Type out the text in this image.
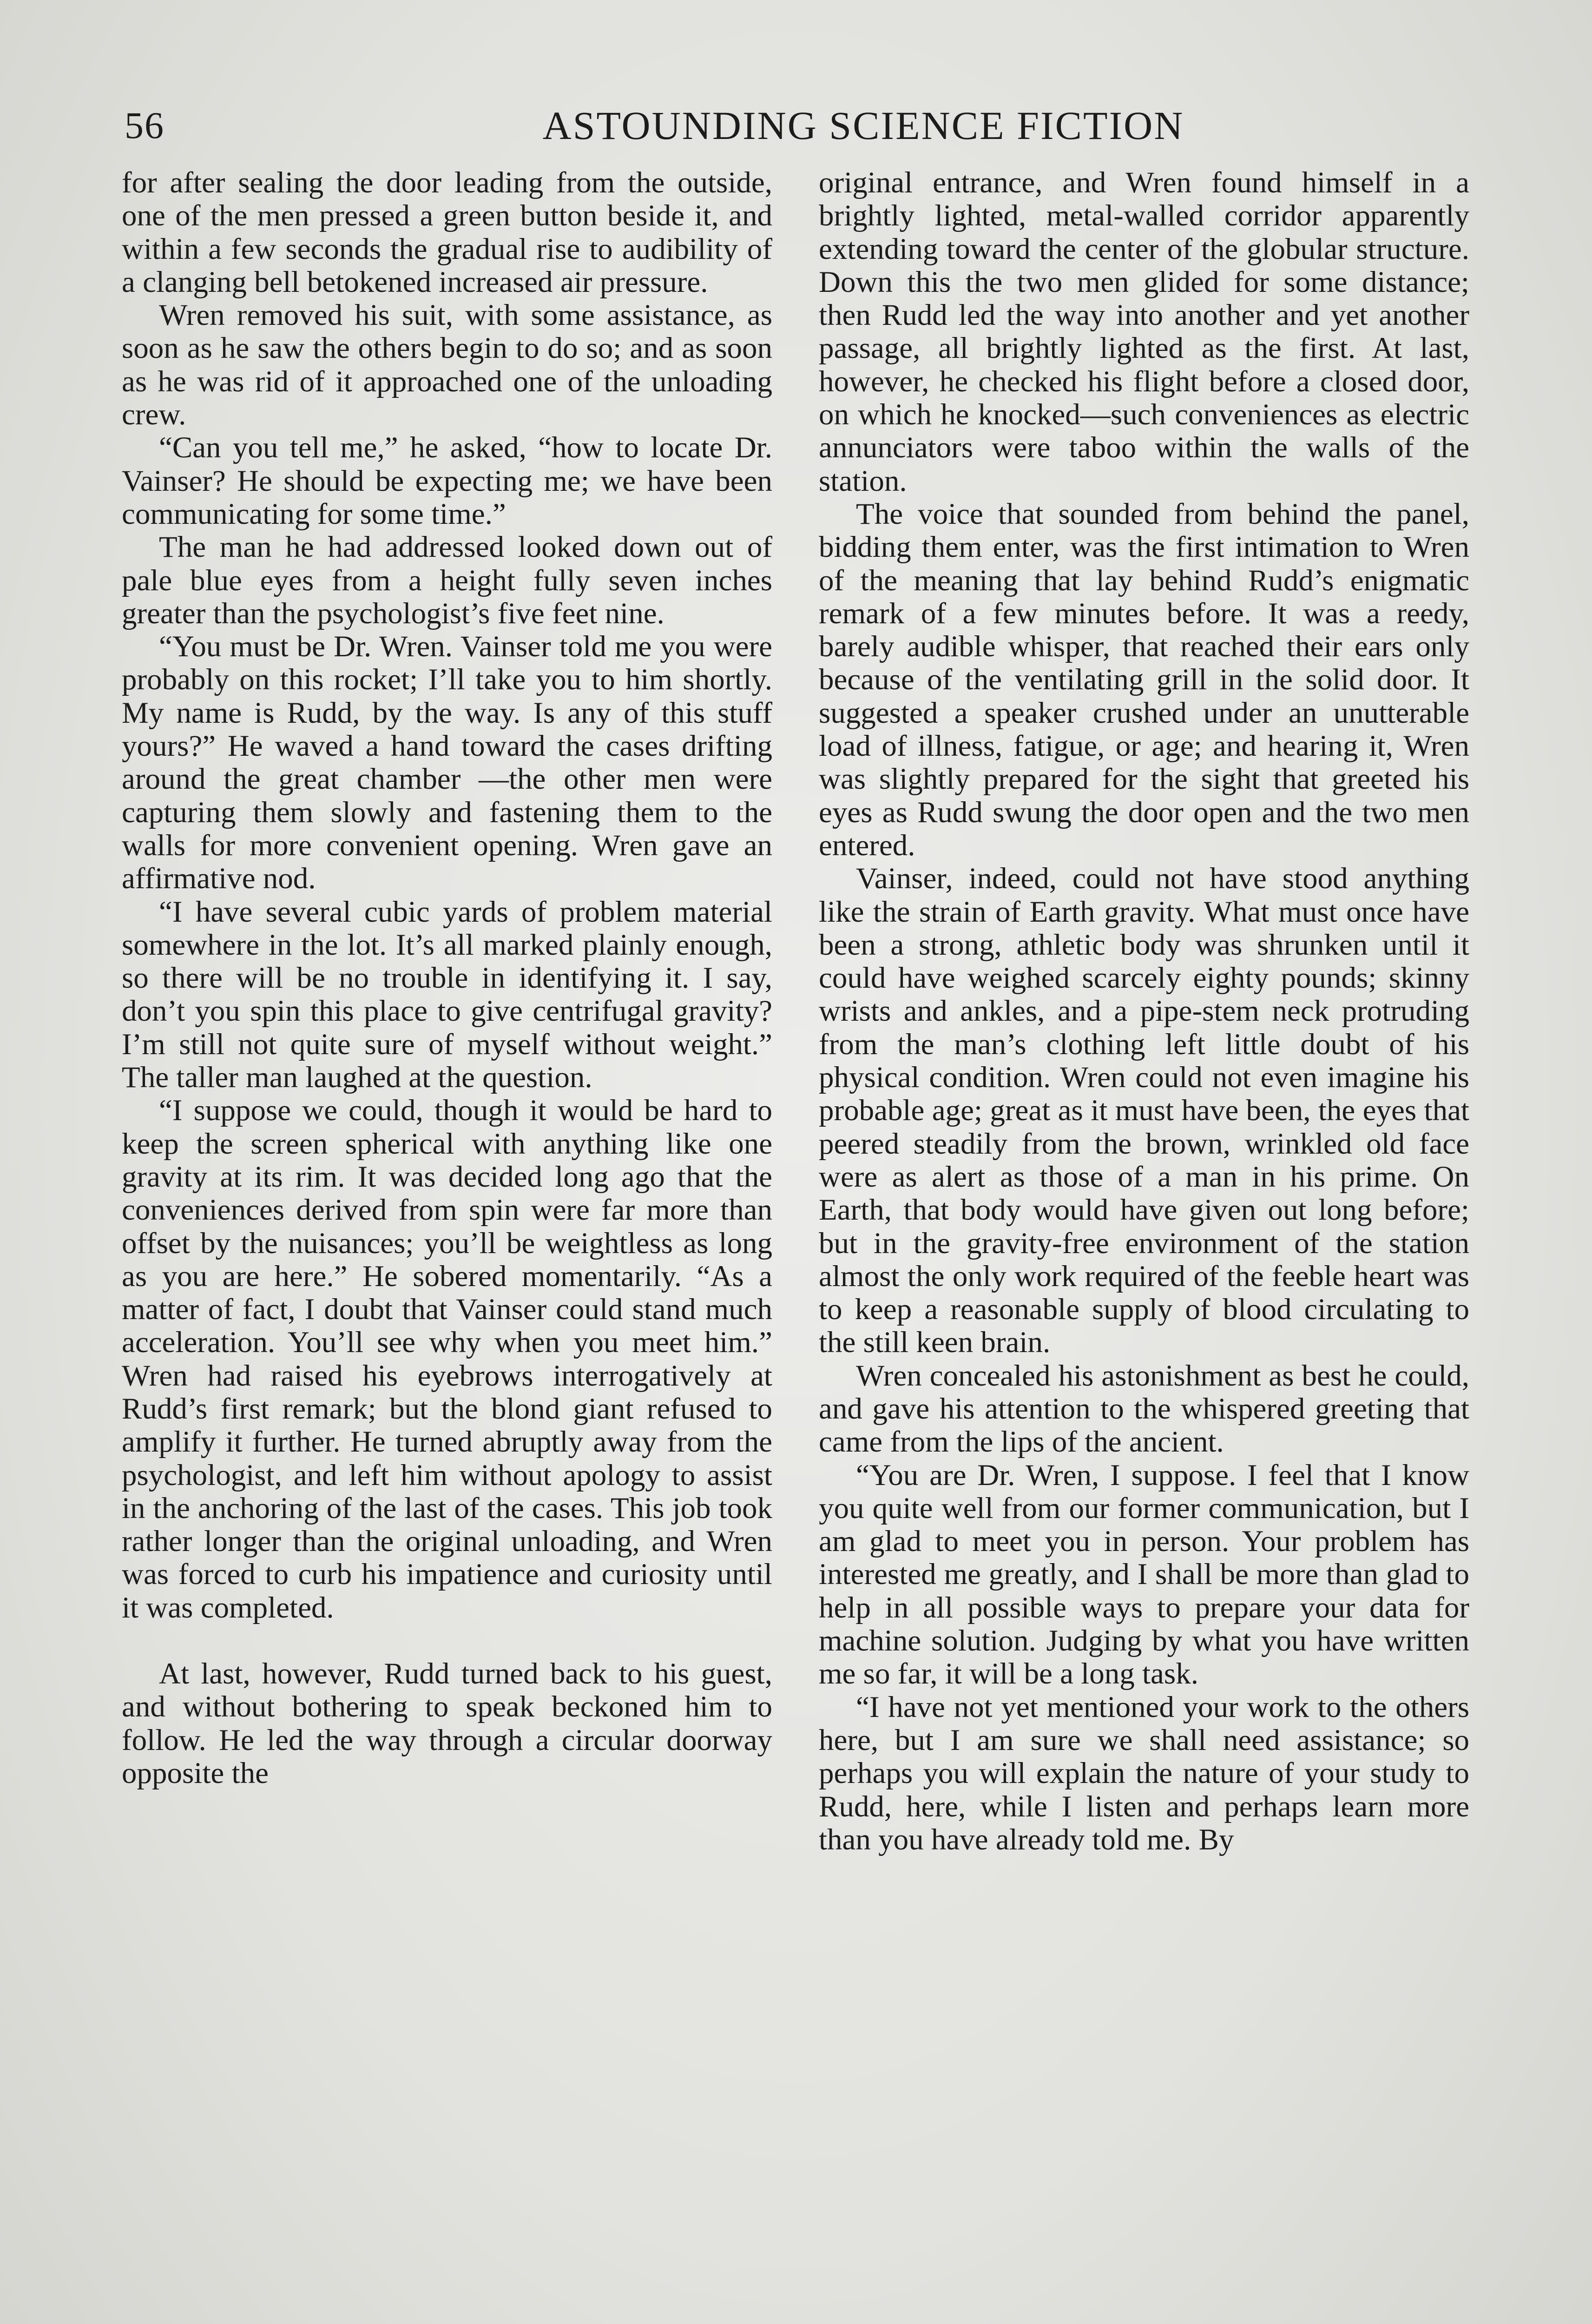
56	ASTOUNDING SCIENCE FICTION

for after sealing the door leading from the outside, one of the men pressed a green button beside it, and within a few seconds the gradual rise to audibility of a clanging bell betokened increased air pressure.

Wren removed his suit, with some assistance, as soon as he saw the others begin to do so; and as soon as he was rid of it approached one of the unloading crew.

“Can you tell me,” he asked, “how to locate Dr. Vainser? He should be expecting me; we have been communicating for some time.”

The man he had addressed looked down out of pale blue eyes from a height fully seven inches greater than the psychologist’s five feet nine.

“You must be Dr. Wren. Vainser told me you were probably on this rocket; I’ll take you to him shortly. My name is Rudd, by the way. Is any of this stuff yours?” He waved a hand toward the cases drifting around the great chamber —the other men were capturing them slowly and fastening them to the walls for more convenient opening. Wren gave an affirmative nod.

“I have several cubic yards of problem material somewhere in the lot. It’s all marked plainly enough, so there will be no trouble in identifying it. I say, don’t you spin this place to give centrifugal gravity? I’m still not quite sure of myself without weight.” The taller man laughed at the question.

“I suppose we could, though it would be hard to keep the screen spherical with anything like one gravity at its rim. It was decided long ago that the conveniences derived from spin were far more than offset by the nuisances; you’ll be weightless as long as you are here.” He sobered momentarily. “As a matter of fact, I doubt that Vainser could stand much acceleration. You’ll see why when you meet him.” Wren had raised his eyebrows interrogatively at Rudd’s first remark; but the blond giant refused to amplify it further. He turned abruptly away from the psychologist, and left him without apology to assist in the anchoring of the last of the cases. This job took rather longer than the original unloading, and Wren was forced to curb his impatience and curiosity until it was completed.

At last, however, Rudd turned back to his guest, and without bothering to speak beckoned him to follow. He led the way through a circular doorway opposite the

original entrance, and Wren found himself in a brightly lighted, metal-walled corridor apparently extending toward the center of the globular structure. Down this the two men glided for some distance; then Rudd led the way into another and yet another passage, all brightly lighted as the first. At last, however, he checked his flight before a closed door, on which he knocked—such conveniences as electric annunciators were taboo within the walls of the station.

The voice that sounded from behind the panel, bidding them enter, was the first intimation to Wren of the meaning that lay behind Rudd’s enigmatic remark of a few minutes before. It was a reedy, barely audible whisper, that reached their ears only because of the ventilating grill in the solid door. It suggested a speaker crushed under an unutterable load of illness, fatigue, or age; and hearing it, Wren was slightly prepared for the sight that greeted his eyes as Rudd swung the door open and the two men entered.

Vainser, indeed, could not have stood anything like the strain of Earth gravity. What must once have been a strong, athletic body was shrunken until it could have weighed scarcely eighty pounds; skinny wrists and ankles, and a pipe-stem neck protruding from the man’s clothing left little doubt of his physical condition. Wren could not even imagine his probable age; great as it must have been, the eyes that peered steadily from the brown, wrinkled old face were as alert as those of a man in his prime. On Earth, that body would have given out long before; but in the gravity-free environment of the station almost the only work required of the feeble heart was to keep a reasonable supply of blood circulating to the still keen brain.

Wren concealed his astonishment as best he could, and gave his attention to the whispered greeting that came from the lips of the ancient.

“You are Dr. Wren, I suppose. I feel that I know you quite well from our former communication, but I am glad to meet you in person. Your problem has interested me greatly, and I shall be more than glad to help in all possible ways to prepare your data for machine solution. Judging by what you have written me so far, it will be a long task.

“I have not yet mentioned your work to the others here, but I am sure we shall need assistance; so perhaps you will explain the nature of your study to Rudd, here, while I listen and perhaps learn more than you have already told me. By
